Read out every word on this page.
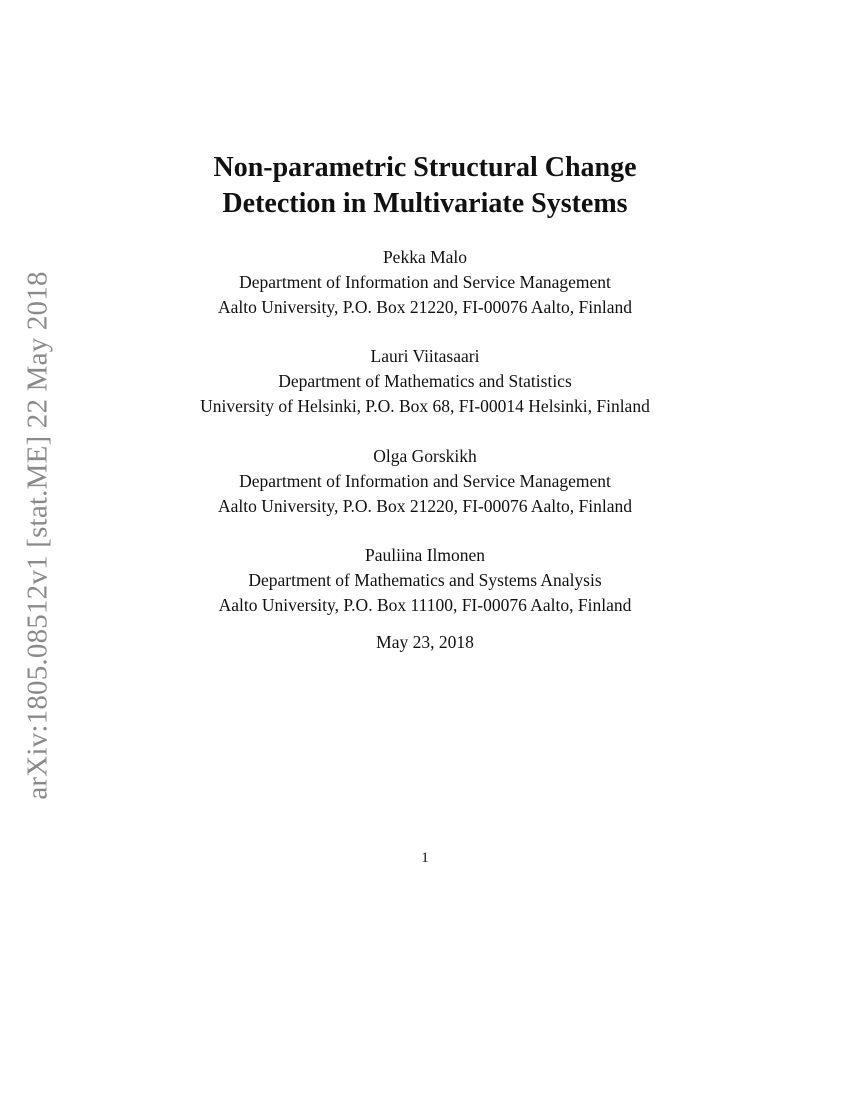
arXiv:1805.08512v1 [stat.ME] 22 May 2018
Non-parametric Structural Change
Detection in Multivariate Systems
Pekka Malo
Department of Information and Service Management
Aalto University, P.O. Box 21220, FI-00076 Aalto, Finland
Lauri Viitasaari
Department of Mathematics and Statistics
University of Helsinki, P.O. Box 68, FI-00014 Helsinki, Finland
Olga Gorskikh
Department of Information and Service Management
Aalto University, P.O. Box 21220, FI-00076 Aalto, Finland
Pauliina Ilmonen
Department of Mathematics and Systems Analysis
Aalto University, P.O. Box 11100, FI-00076 Aalto, Finland
May 23, 2018
1
